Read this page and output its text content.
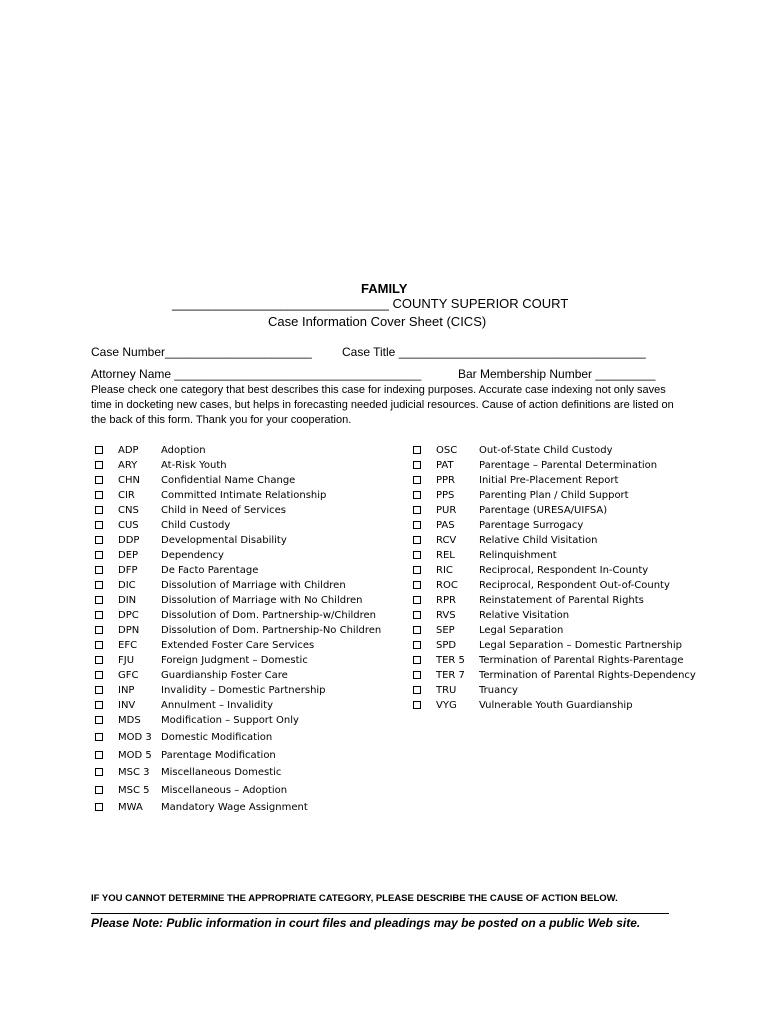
FAMILY
______________________________ COUNTY SUPERIOR COURT
Case Information Cover Sheet (CICS)
Case Number______________________	Case Title _____________________________________
Attorney Name _____________________________________	Bar Membership Number _________
Please check one category that best describes this case for indexing purposes. Accurate case indexing not only saves time in docketing new cases, but helps in forecasting needed judicial resources. Cause of action definitions are listed on the back of this form. Thank you for your cooperation.
ADP Adoption
ARY At-Risk Youth
CHN Confidential Name Change
CIR	Committed Intimate Relationship
CNS Child in Need of Services
CUS Child Custody
DDP Developmental Disability
DEP Dependency
DFP De Facto Parentage
DIC	Dissolution of Marriage with Children
DIN Dissolution of Marriage with No Children
DPC Dissolution of Dom. Partnership-w/Children
DPN Dissolution of Dom. Partnership-No Children
EFC Extended Foster Care Services
FJU	Foreign Judgment – Domestic
GFC Guardianship Foster Care
INP	Invalidity – Domestic Partnership
INV	Annulment – Invalidity
MDS Modification – Support Only
MOD 3 Domestic Modification
MOD 5 Parentage Modification
MSC 3 Miscellaneous Domestic
MSC 5 Miscellaneous – Adoption
MWA Mandatory Wage Assignment
OSC Out-of-State Child Custody
PAT	Parentage – Parental Determination
PPR Initial Pre-Placement Report
PPS Parenting Plan / Child Support
PUR Parentage (URESA/UIFSA)
PAS Parentage Surrogacy
RCV Relative Child Visitation
REL Relinquishment
RIC	Reciprocal, Respondent In-County
ROC Reciprocal, Respondent Out-of-County
RPR Reinstatement of Parental Rights
RVS Relative Visitation
SEP Legal Separation
SPD Legal Separation – Domestic Partnership
TER 5 Termination of Parental Rights-Parentage
TER 7 Termination of Parental Rights-Dependency
TRU Truancy
VYG Vulnerable Youth Guardianship
IF YOU CANNOT DETERMINE THE APPROPRIATE CATEGORY, PLEASE DESCRIBE THE CAUSE OF ACTION BELOW.
Please Note: Public information in court files and pleadings may be posted on a public Web site.
